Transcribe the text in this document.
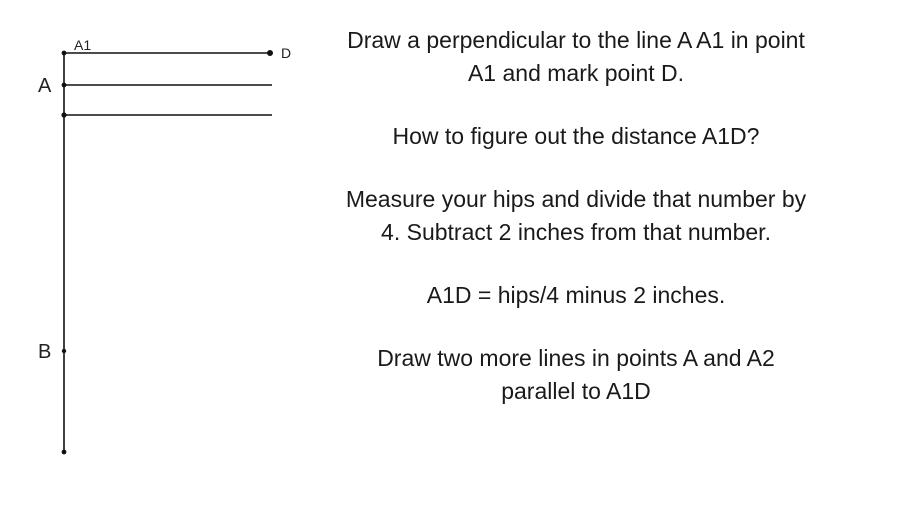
A1	D
A
B

Draw a perpendicular to the line A A1 in point
A1 and mark point D.

How to figure out the distance A1D?

Measure your hips and divide that number by
4. Subtract 2 inches from that number.

A1D = hips/4 minus 2 inches.

Draw two more lines in points A and A2
parallel to A1D
